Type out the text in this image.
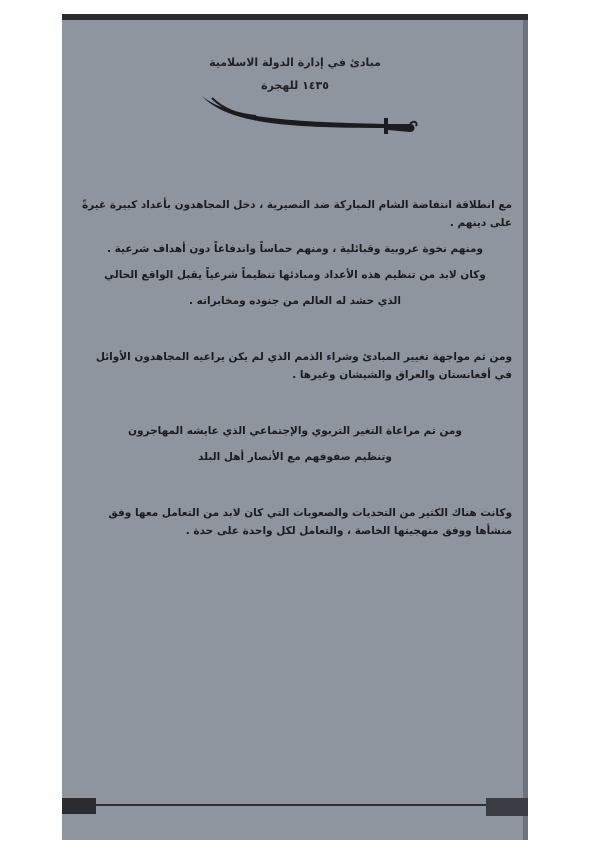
مبادئ في إدارة الدولة الاسلامية
١٤٣٥ للهجرة

مع انطلاقة انتفاضة الشام المباركة ضد النصيرية ، دخل المجاهدون بأعداد كبيرة غيرةً على دينهم .

ومنهم نخوة عروبية وقبائلية ، ومنهم حماساً واندفاعاً دون أهداف شرعية .

وكان لابد من تنظيم هذه الأعداد ومبادئها تنظيماً شرعياً يقبل الواقع الحالي

الذي حشد له العالم من جنوده ومخابراته .

ومن ثم مواجهة تغيير المبادئ وشراء الذمم الذي لم يكن يراعيه المجاهدون الأوائل في أفغانستان والعراق والشيشان وغيرها .

ومن ثم مراعاة التغير التربوي والإجتماعي الذي عايشه المهاجرون

وتنظيم صفوفهم مع الأنصار أهل البلد

وكانت هناك الكثير من التحديات والصعوبات التي كان لابد من التعامل معها وفق منشأها ووفق منهجيتها الخاصة ، والتعامل لكل واحدة على حدة .
